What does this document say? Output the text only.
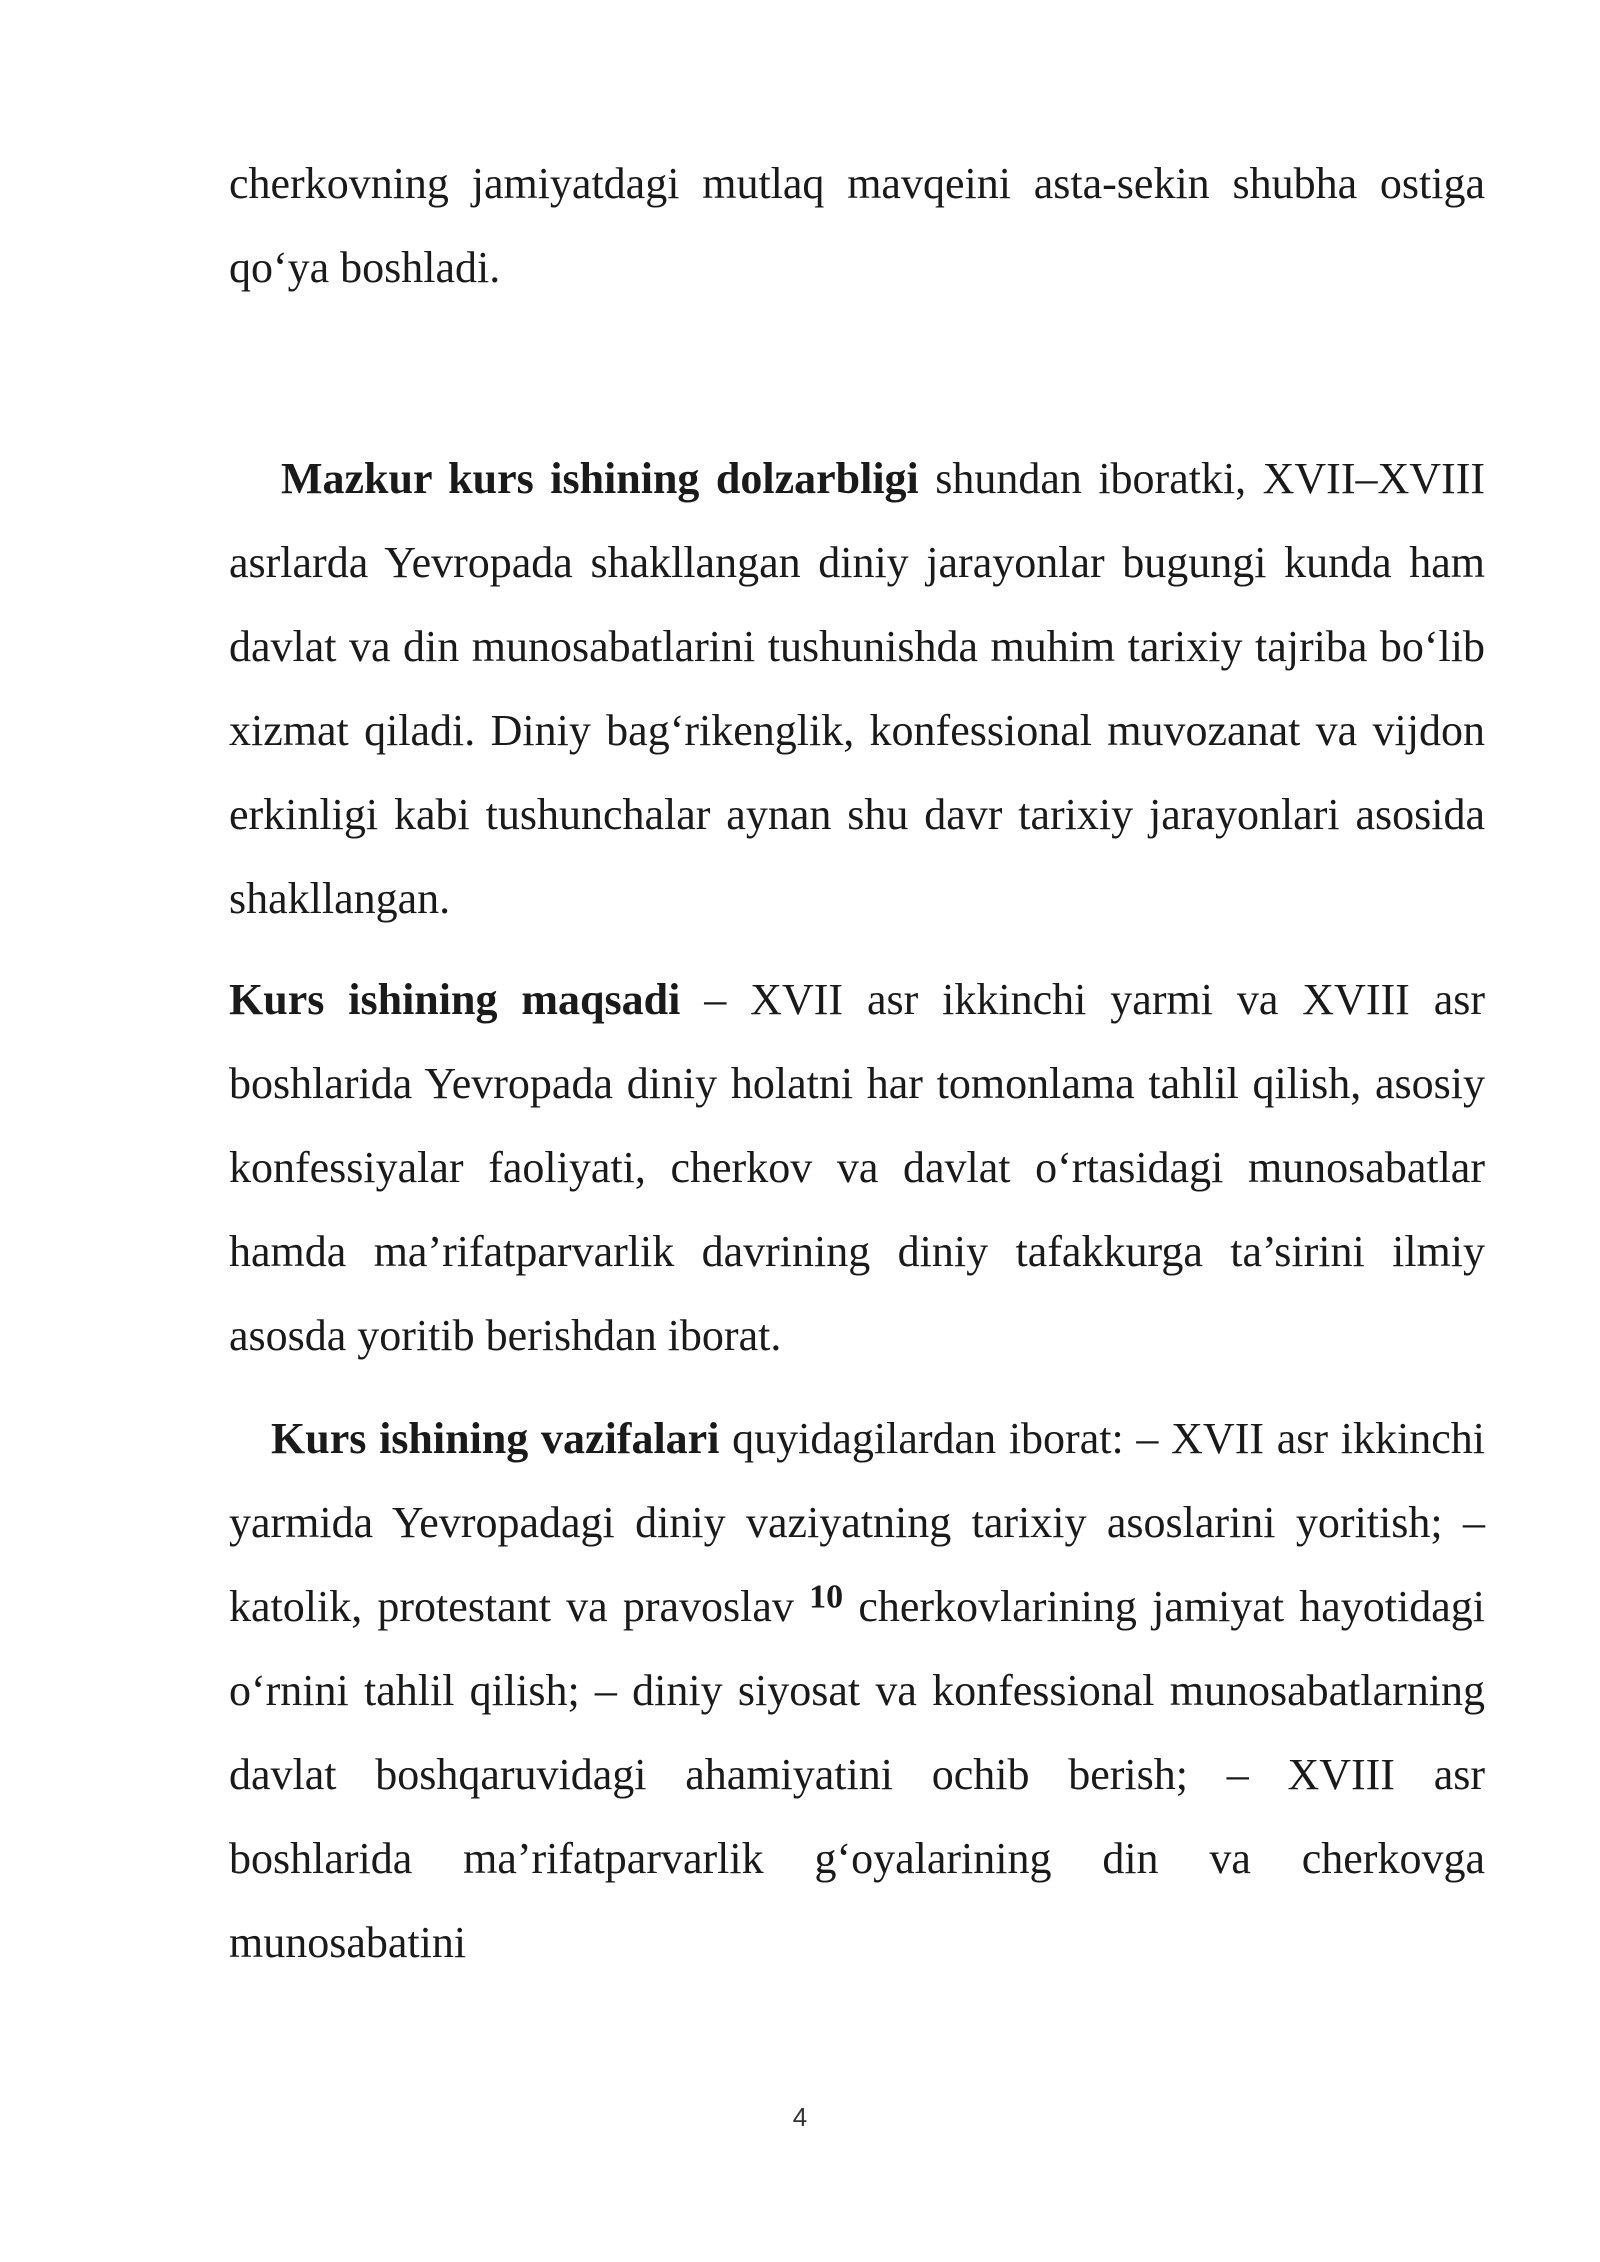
cherkovning jamiyatdagi mutlaq mavqeini asta-sekin shubha ostiga qo‘ya boshladi.

Mazkur kurs ishining dolzarbligi shundan iboratki, XVII–XVIII asrlarda Yevropada shakllangan diniy jarayonlar bugungi kunda ham davlat va din munosabatlarini tushunishda muhim tarixiy tajriba bo‘lib xizmat qiladi. Diniy bag‘rikenglik, konfessional muvozanat va vijdon erkinligi kabi tushunchalar aynan shu davr tarixiy jarayonlari asosida shakllangan.

Kurs ishining maqsadi – XVII asr ikkinchi yarmi va XVIII asr boshlarida Yevropada diniy holatni har tomonlama tahlil qilish, asosiy konfessiyalar faoliyati, cherkov va davlat o‘rtasidagi munosabatlar hamda ma’rifatparvarlik davrining diniy tafakkurga ta’sirini ilmiy asosda yoritib berishdan iborat.

Kurs ishining vazifalari quyidagilardan iborat: – XVII asr ikkinchi yarmida Yevropadagi diniy vaziyatning tarixiy asoslarini yoritish; – katolik, protestant va pravoslav $^{10}$ cherkovlarining jamiyat hayotidagi o‘rnini tahlil qilish; – diniy siyosat va konfessional munosabatlarning davlat boshqaruvidagi ahamiyatini ochib berish; – XVIII asr boshlarida ma’rifatparvarlik g‘oyalarining din va cherkovga munosabatini

4
